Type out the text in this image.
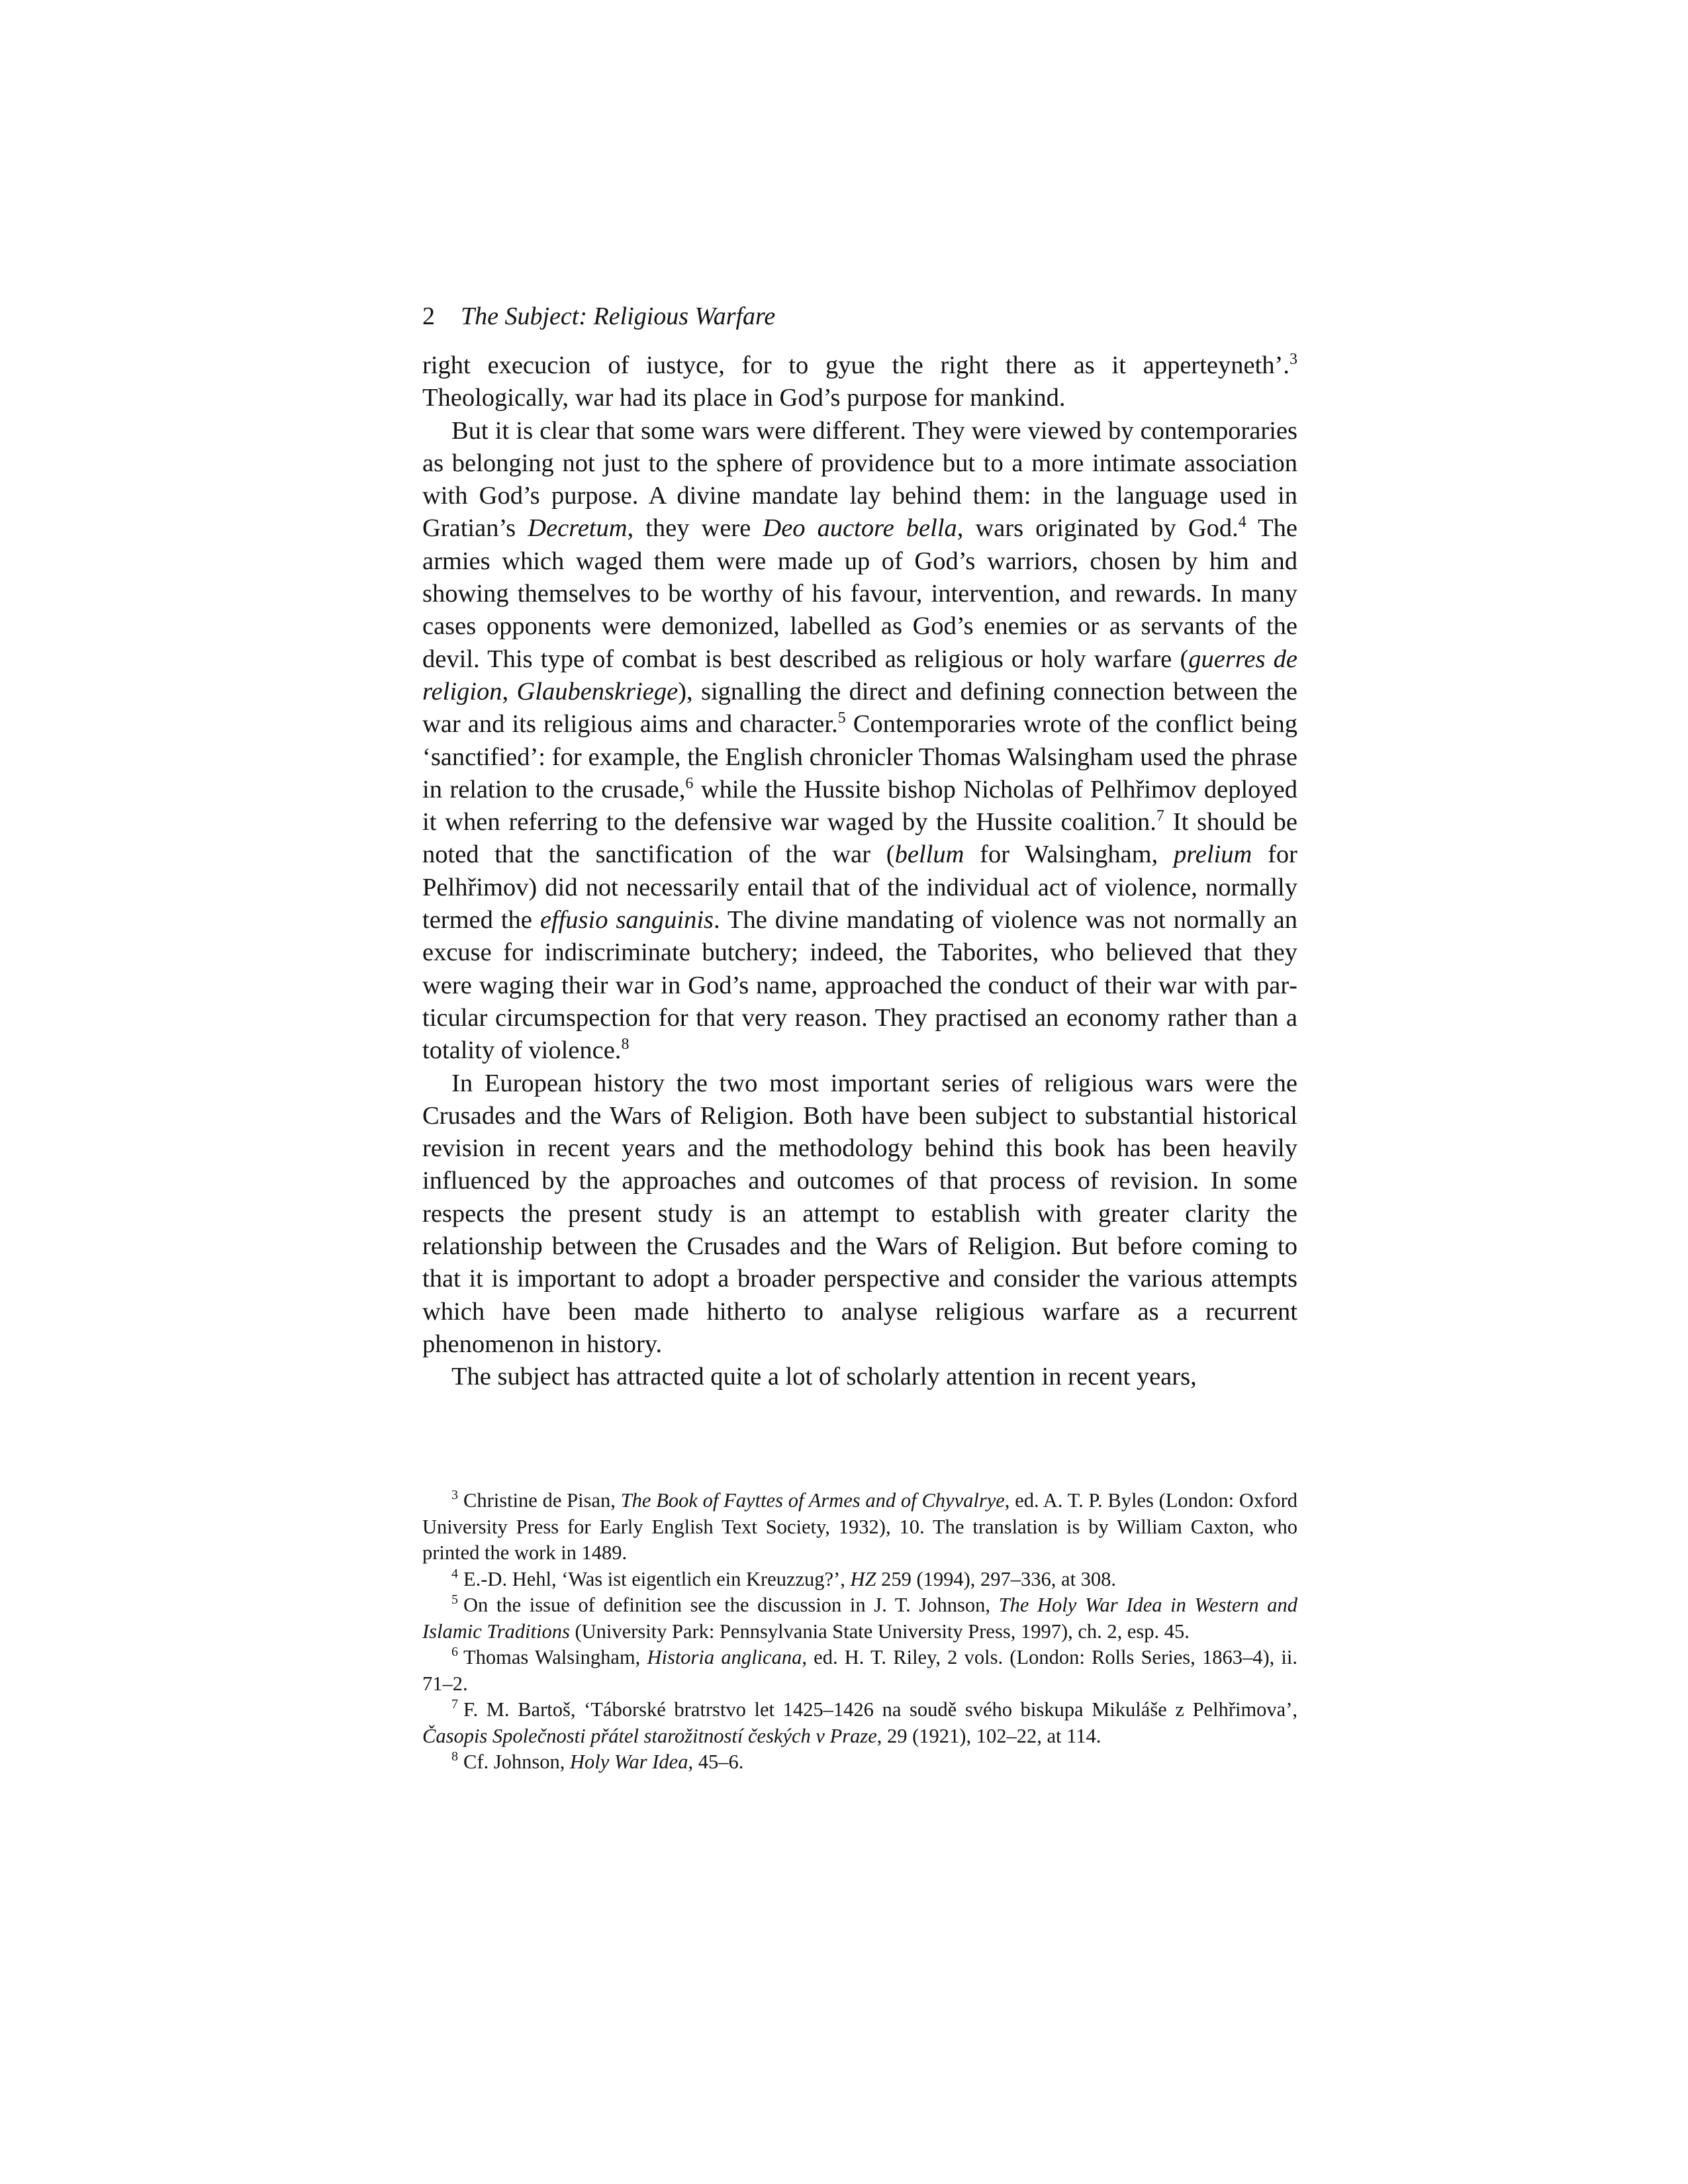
2 The Subject: Religious Warfare

right execucion of iustyce, for to gyue the right there as it apperteyneth’.$^3$ Theologically, war had its place in God’s purpose for mankind.

But it is clear that some wars were different. They were viewed by contemporaries as belonging not just to the sphere of providence but to a more intimate association with God’s purpose. A divine mandate lay behind them: in the language used in Gratian’s Decretum, they were Deo auctore bella, wars originated by God.$^4$ The armies which waged them were made up of God’s warriors, chosen by him and showing themselves to be worthy of his favour, intervention, and rewards. In many cases opponents were demonized, labelled as God’s enemies or as servants of the devil. This type of combat is best described as religious or holy warfare (guerres de religion, Glaubenskriege), signalling the direct and defining connection between the war and its religious aims and character.$^5$ Contemporaries wrote of the conflict being ‘sanctified’: for example, the English chronicler Thomas Walsingham used the phrase in relation to the crusade,$^6$ while the Hussite bishop Nicholas of Pelhřimov deployed it when referring to the defensive war waged by the Hussite coalition.$^7$ It should be noted that the sanctification of the war (bellum for Walsingham, prelium for Pelhřimov) did not necessarily entail that of the individual act of violence, normally termed the effusio sanguinis. The divine mandating of violence was not normally an excuse for indiscriminate butchery; indeed, the Taborites, who believed that they were waging their war in God’s name, approached the conduct of their war with particular circumspection for that very reason. They practised an economy rather than a totality of violence.$^8$

In European history the two most important series of religious wars were the Crusades and the Wars of Religion. Both have been subject to substantial historical revision in recent years and the methodology behind this book has been heavily influenced by the approaches and outcomes of that process of revision. In some respects the present study is an attempt to establish with greater clarity the relationship between the Crusades and the Wars of Religion. But before coming to that it is important to adopt a broader perspective and consider the various attempts which have been made hitherto to analyse religious warfare as a recurrent phenomenon in history.

The subject has attracted quite a lot of scholarly attention in recent years,

$^3$ Christine de Pisan, The Book of Fayttes of Armes and of Chyvalrye, ed. A. T. P. Byles (London: Oxford University Press for Early English Text Society, 1932), 10. The translation is by William Caxton, who printed the work in 1489.

$^4$ E.-D. Hehl, ‘Was ist eigentlich ein Kreuzzug?’, HZ 259 (1994), 297–336, at 308.

$^5$ On the issue of definition see the discussion in J. T. Johnson, The Holy War Idea in Western and Islamic Traditions (University Park: Pennsylvania State University Press, 1997), ch. 2, esp. 45.

$^6$ Thomas Walsingham, Historia anglicana, ed. H. T. Riley, 2 vols. (London: Rolls Series, 1863–4), ii. 71–2.

$^7$ F. M. Bartoš, ‘Táborské bratrstvo let 1425–1426 na soudě svého biskupa Mikuláše z Pelhřimova’, Časopis Společnosti přátel starožitností českých v Praze, 29 (1921), 102–22, at 114.

$^8$ Cf. Johnson, Holy War Idea, 45–6.
